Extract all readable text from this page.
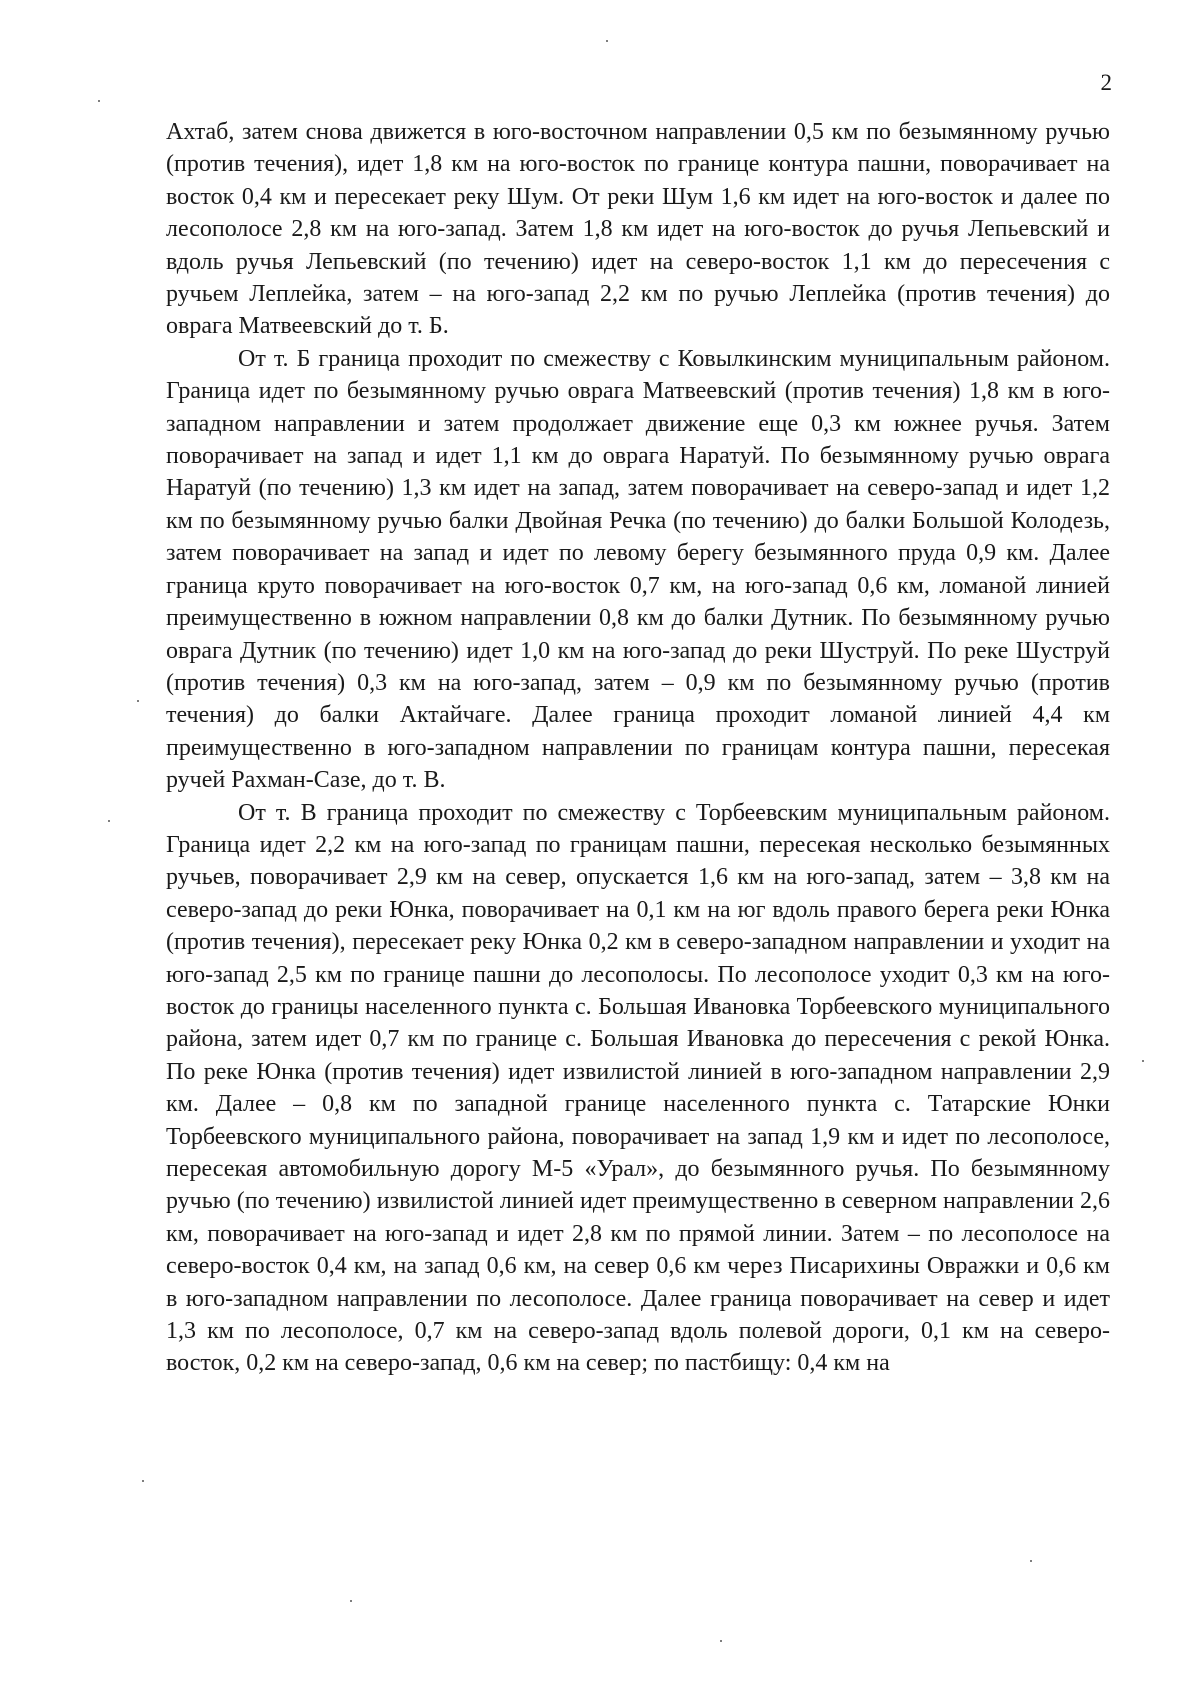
2

Ахтаб, затем снова движется в юго-восточном направлении 0,5 км по безымянному ручью (против течения), идет 1,8 км на юго-восток по границе контура пашни, поворачивает на восток 0,4 км и пересекает реку Шум. От реки Шум 1,6 км идет на юго-восток и далее по лесополосе 2,8 км на юго-запад. Затем 1,8 км идет на юго-восток до ручья Лепьевский и вдоль ручья Лепьевский (по течению) идет на северо-восток 1,1 км до пересечения с ручьем Леплейка, затем – на юго-запад 2,2 км по ручью Леплейка (против течения) до оврага Матвеевский до т. Б.

От т. Б граница проходит по смежеству с Ковылкинским муниципальным районом. Граница идет по безымянному ручью оврага Матвеевский (против течения) 1,8 км в юго-западном направлении и затем продолжает движение еще 0,3 км южнее ручья. Затем поворачивает на запад и идет 1,1 км до оврага Наратуй. По безымянному ручью оврага Наратуй (по течению) 1,3 км идет на запад, затем поворачивает на северо-запад и идет 1,2 км по безымянному ручью балки Двойная Речка (по течению) до балки Большой Колодезь, затем поворачивает на запад и идет по левому берегу безымянного пруда 0,9 км. Далее граница круто поворачивает на юго-восток 0,7 км, на юго-запад 0,6 км, ломаной линией преимущественно в южном направлении 0,8 км до балки Дутник. По безымянному ручью оврага Дутник (по течению) идет 1,0 км на юго-запад до реки Шуструй. По реке Шуструй (против течения) 0,3 км на юго-запад, затем – 0,9 км по безымянному ручью (против течения) до балки Актайчаге. Далее граница проходит ломаной линией 4,4 км преимущественно в юго-западном направлении по границам контура пашни, пересекая ручей Рахман-Сазе, до т. В.

От т. В граница проходит по смежеству с Торбеевским муниципальным районом. Граница идет 2,2 км на юго-запад по границам пашни, пересекая несколько безымянных ручьев, поворачивает 2,9 км на север, опускается 1,6 км на юго-запад, затем – 3,8 км на северо-запад до реки Юнка, поворачивает на 0,1 км на юг вдоль правого берега реки Юнка (против течения), пересекает реку Юнка 0,2 км в северо-западном направлении и уходит на юго-запад 2,5 км по границе пашни до лесополосы. По лесополосе уходит 0,3 км на юго-восток до границы населенного пункта с. Большая Ивановка Торбеевского муниципального района, затем идет 0,7 км по границе с. Большая Ивановка до пересечения с рекой Юнка. По реке Юнка (против течения) идет извилистой линией в юго-западном направлении 2,9 км. Далее – 0,8 км по западной границе населенного пункта с. Татарские Юнки Торбеевского муниципального района, поворачивает на запад 1,9 км и идет по лесополосе, пересекая автомобильную дорогу М-5 «Урал», до безымянного ручья. По безымянному ручью (по течению) извилистой линией идет преимущественно в северном направлении 2,6 км, поворачивает на юго-запад и идет 2,8 км по прямой линии. Затем – по лесополосе на северо-восток 0,4 км, на запад 0,6 км, на север 0,6 км через Писарихины Овражки и 0,6 км в юго-западном направлении по лесополосе. Далее граница поворачивает на север и идет 1,3 км по лесополосе, 0,7 км на северо-запад вдоль полевой дороги, 0,1 км на северо-восток, 0,2 км на северо-запад, 0,6 км на север; по пастбищу: 0,4 км на
